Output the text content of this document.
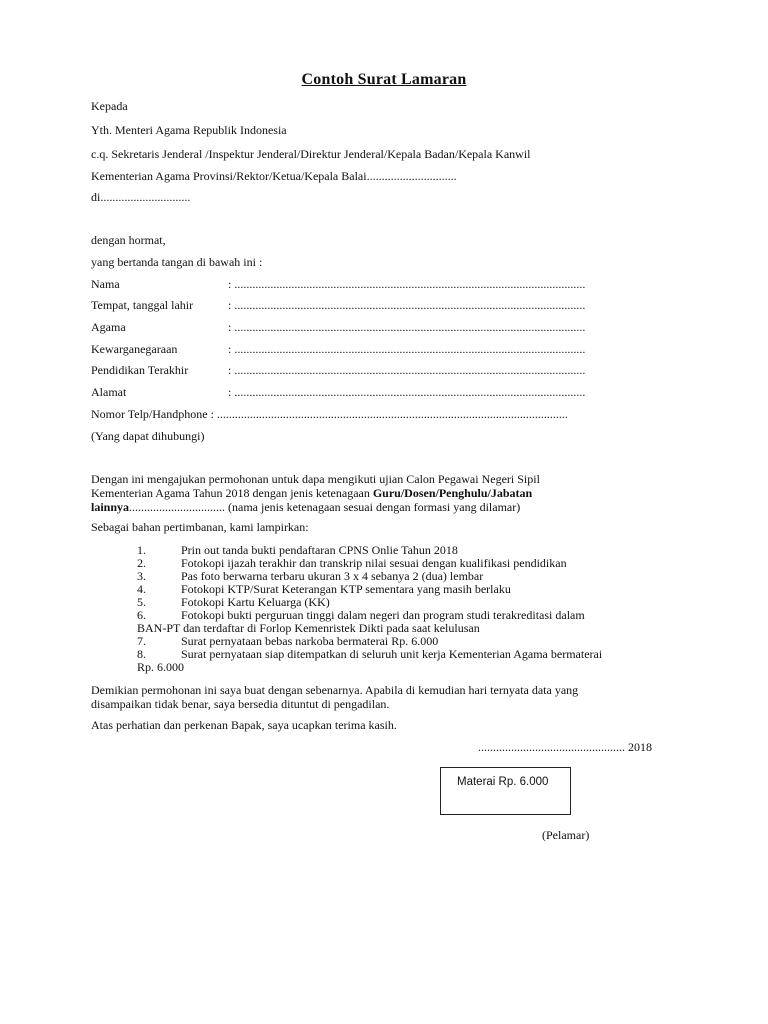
Contoh Surat Lamaran
Kepada
Yth. Menteri Agama Republik Indonesia
c.q. Sekretaris Jenderal /Inspektur Jenderal/Direktur Jenderal/Kepala Badan/Kepala Kanwil
Kementerian Agama Provinsi/Rektor/Ketua/Kepala Balai..............................
di..............................
dengan hormat,
yang bertanda tangan di bawah ini :
Nama	: .....................................................................................................................
Tempat, tanggal lahir	: .....................................................................................................................
Agama	: .....................................................................................................................
Kewarganegaraan	: .....................................................................................................................
Pendidikan Terakhir	: .....................................................................................................................
Alamat	: .....................................................................................................................
Nomor Telp/Handphone : .....................................................................................................................
(Yang dapat dihubungi)
Dengan ini mengajukan permohonan untuk dapa mengikuti ujian Calon Pegawai Negeri Sipil
Kementerian Agama Tahun 2018 dengan jenis ketenagaan Guru/Dosen/Penghulu/Jabatan
lainnya................................ (nama jenis ketenagaan sesuai dengan formasi yang dilamar)
Sebagai bahan pertimbanan, kami lampirkan:
1.	Prin out tanda bukti pendaftaran CPNS Onlie Tahun 2018
2.	Fotokopi ijazah terakhir dan transkrip nilai sesuai dengan kualifikasi pendidikan
3.	Pas foto berwarna terbaru ukuran 3 x 4 sebanya 2 (dua) lembar
4.	Fotokopi KTP/Surat Keterangan KTP sementara yang masih berlaku
5.	Fotokopi Kartu Keluarga (KK)
6.	Fotokopi bukti perguruan tinggi dalam negeri dan program studi terakreditasi dalam
BAN-PT dan terdaftar di Forlop Kemenristek Dikti pada saat kelulusan
7.	Surat pernyataan bebas narkoba bermaterai Rp. 6.000
8.	Surat pernyataan siap ditempatkan di seluruh unit kerja Kementerian Agama bermaterai
Rp. 6.000
Demikian permohonan ini saya buat dengan sebenarnya. Apabila di kemudian hari ternyata data yang
disampaikan tidak benar, saya bersedia dituntut di pengadilan.
Atas perhatian dan perkenan Bapak, saya ucapkan terima kasih.
................................................. 2018
Materai Rp. 6.000
(Pelamar)
